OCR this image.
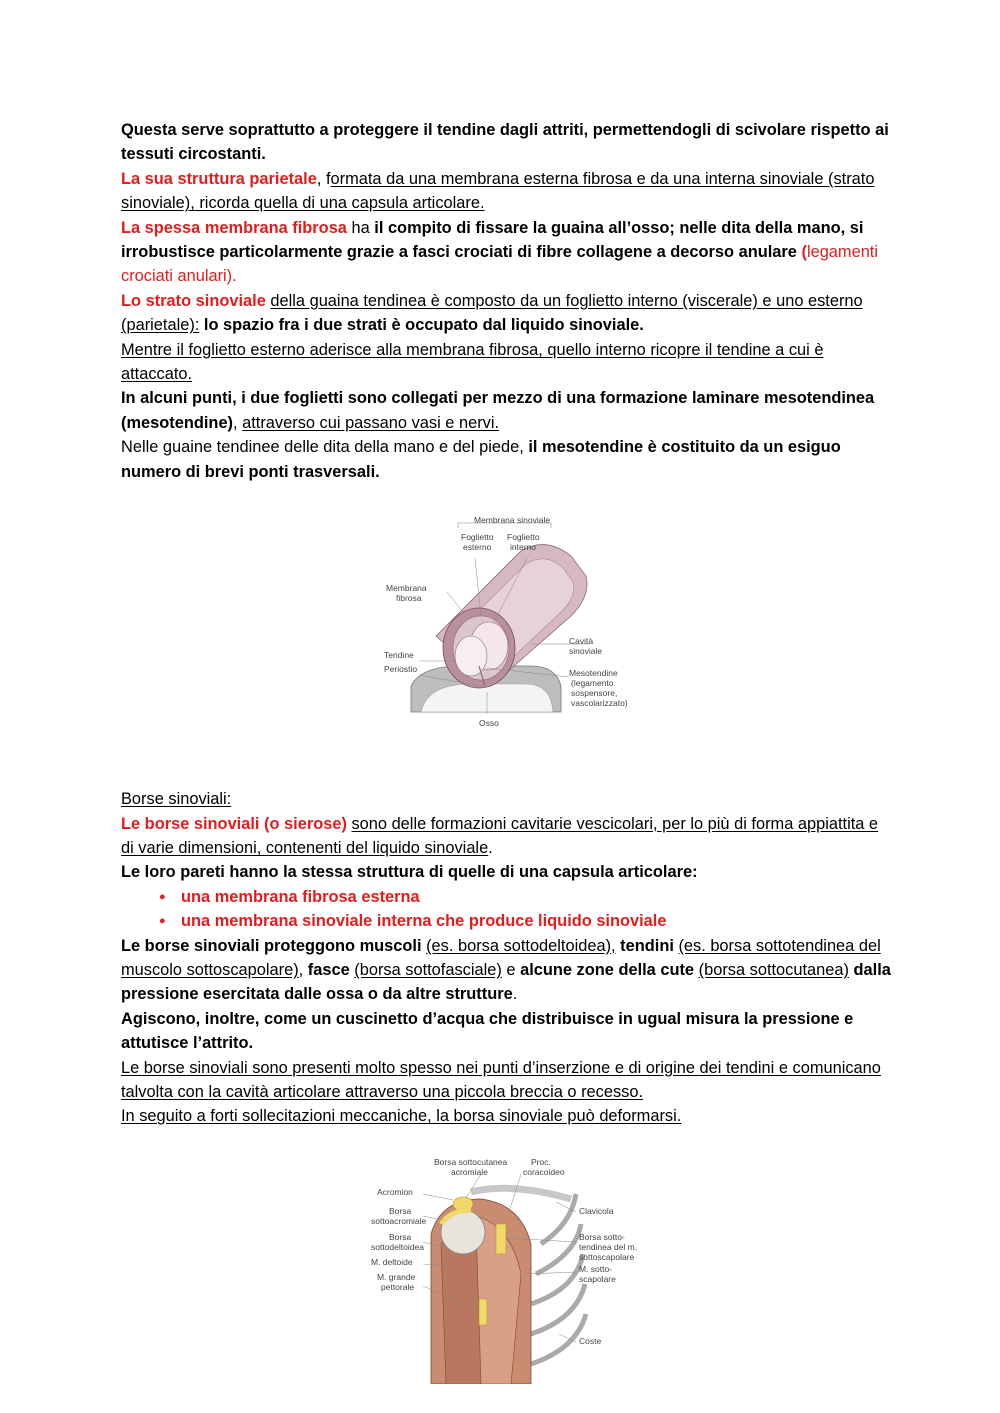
Questa serve soprattutto a proteggere il tendine dagli attriti, permettendogli di scivolare rispetto ai tessuti circostanti.

La sua struttura parietale, formata da una membrana esterna fibrosa e da una interna sinoviale (strato sinoviale), ricorda quella di una capsula articolare.

La spessa membrana fibrosa ha il compito di fissare la guaina all’osso; nelle dita della mano, si irrobustisce particolarmente grazie a fasci crociati di fibre collagene a decorso anulare (legamenti crociati anulari).

Lo strato sinoviale della guaina tendinea è composto da un foglietto interno (viscerale) e uno esterno (parietale): lo spazio fra i due strati è occupato dal liquido sinoviale.

Mentre il foglietto esterno aderisce alla membrana fibrosa, quello interno ricopre il tendine a cui è attaccato.

In alcuni punti, i due foglietti sono collegati per mezzo di una formazione laminare mesotendinea (mesotendine), attraverso cui passano vasi e nervi.

Nelle guaine tendinee delle dita della mano e del piede, il mesotendine è costituito da un esiguo numero di brevi ponti trasversali.

Membrana sinoviale
Foglietto
esterno
Foglietto
interno
Membrana
fibrosa
Tendine
Periostio
Cavità
sinoviale
Mesotendine
(legamento
sospensore,
vascolarizzato)
Osso

Borse sinoviali:

Le borse sinoviali (o sierose) sono delle formazioni cavitarie vescicolari, per lo più di forma appiattita e di varie dimensioni, contenenti del liquido sinoviale.

Le loro pareti hanno la stessa struttura di quelle di una capsula articolare:

● una membrana fibrosa esterna
● una membrana sinoviale interna che produce liquido sinoviale

Le borse sinoviali proteggono muscoli (es. borsa sottodeltoidea), tendini (es. borsa sottotendinea del muscolo sottoscapolare), fasce (borsa sottofasciale) e alcune zone della cute (borsa sottocutanea) dalla pressione esercitata dalle ossa o da altre strutture.

Agiscono, inoltre, come un cuscinetto d’acqua che distribuisce in ugual misura la pressione e attutisce l’attrito.

Le borse sinoviali sono presenti molto spesso nei punti d’inserzione e di origine dei tendini e comunicano talvolta con la cavità articolare attraverso una piccola breccia o recesso.

In seguito a forti sollecitazioni meccaniche, la borsa sinoviale può deformarsi.

Borsa sottocutanea
acromiale
Proc.
coracoideo
Acromion
Borsa
sottoacromiale
Borsa
sottodeltoidea
M. deltoide
M. grande
pettorale
Clavicola
Borsa sotto-
tendinea del m.
sottoscapolare
M. sotto-
scapolare
Coste
